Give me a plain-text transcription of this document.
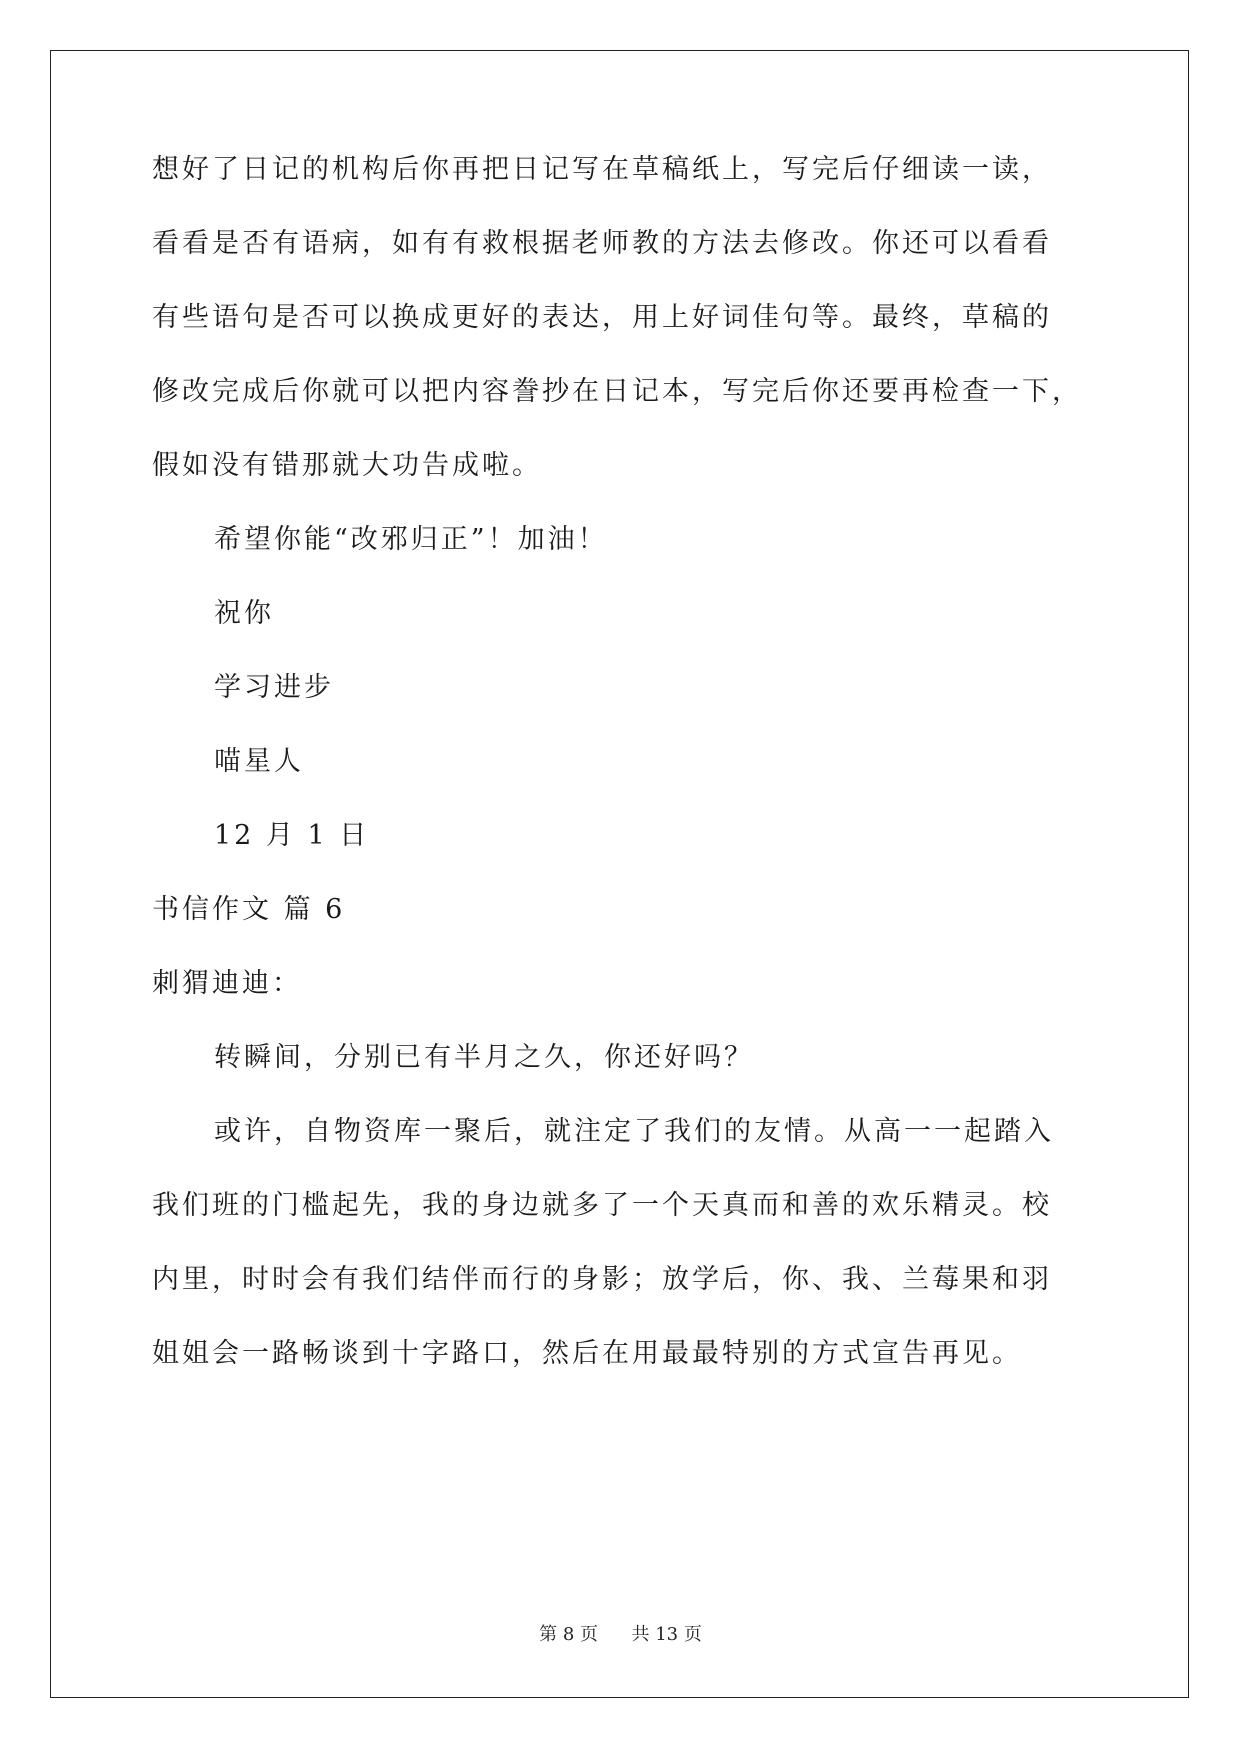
想好了日记的机构后你再把日记写在草稿纸上，写完后仔细读一读，
看看是否有语病，如有有救根据老师教的方法去修改。你还可以看看
有些语句是否可以换成更好的表达，用上好词佳句等。最终，草稿的
修改完成后你就可以把内容誊抄在日记本，写完后你还要再检查一下，
假如没有错那就大功告成啦。
希望你能“改邪归正”！加油！
祝你
学习进步
喵星人
12 月 1 日
书信作文 篇 6
刺猬迪迪：
转瞬间，分别已有半月之久，你还好吗？
或许，自物资库一聚后，就注定了我们的友情。从高一一起踏入
我们班的门槛起先，我的身边就多了一个天真而和善的欢乐精灵。校
内里，时时会有我们结伴而行的身影；放学后，你、我、兰莓果和羽
姐姐会一路畅谈到十字路口，然后在用最最特别的方式宣告再见。
第 8 页 共 13 页
